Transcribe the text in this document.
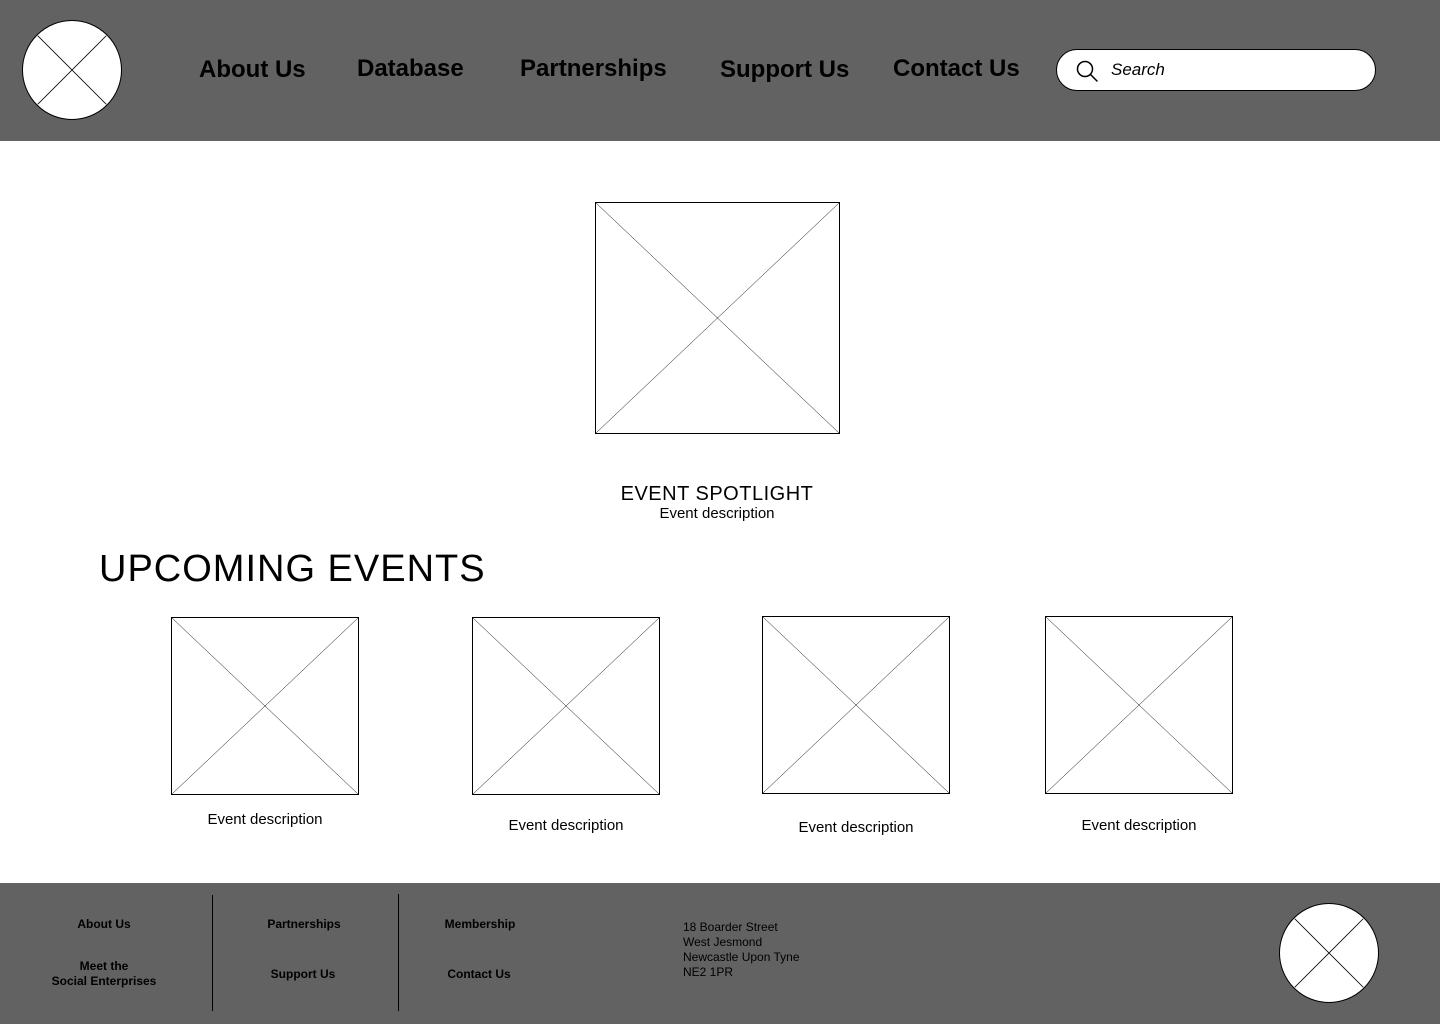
About Us Database Partnerships Support Us Contact Us
Search
EVENT SPOTLIGHT
Event description
UPCOMING EVENTS
Event description	Event description	Event description	Event description
About Us
Meet the
Social Enterprises
Partnerships
Support Us
Membership
Contact Us
18 Boarder Street
West Jesmond
Newcastle Upon Tyne
NE2 1PR
